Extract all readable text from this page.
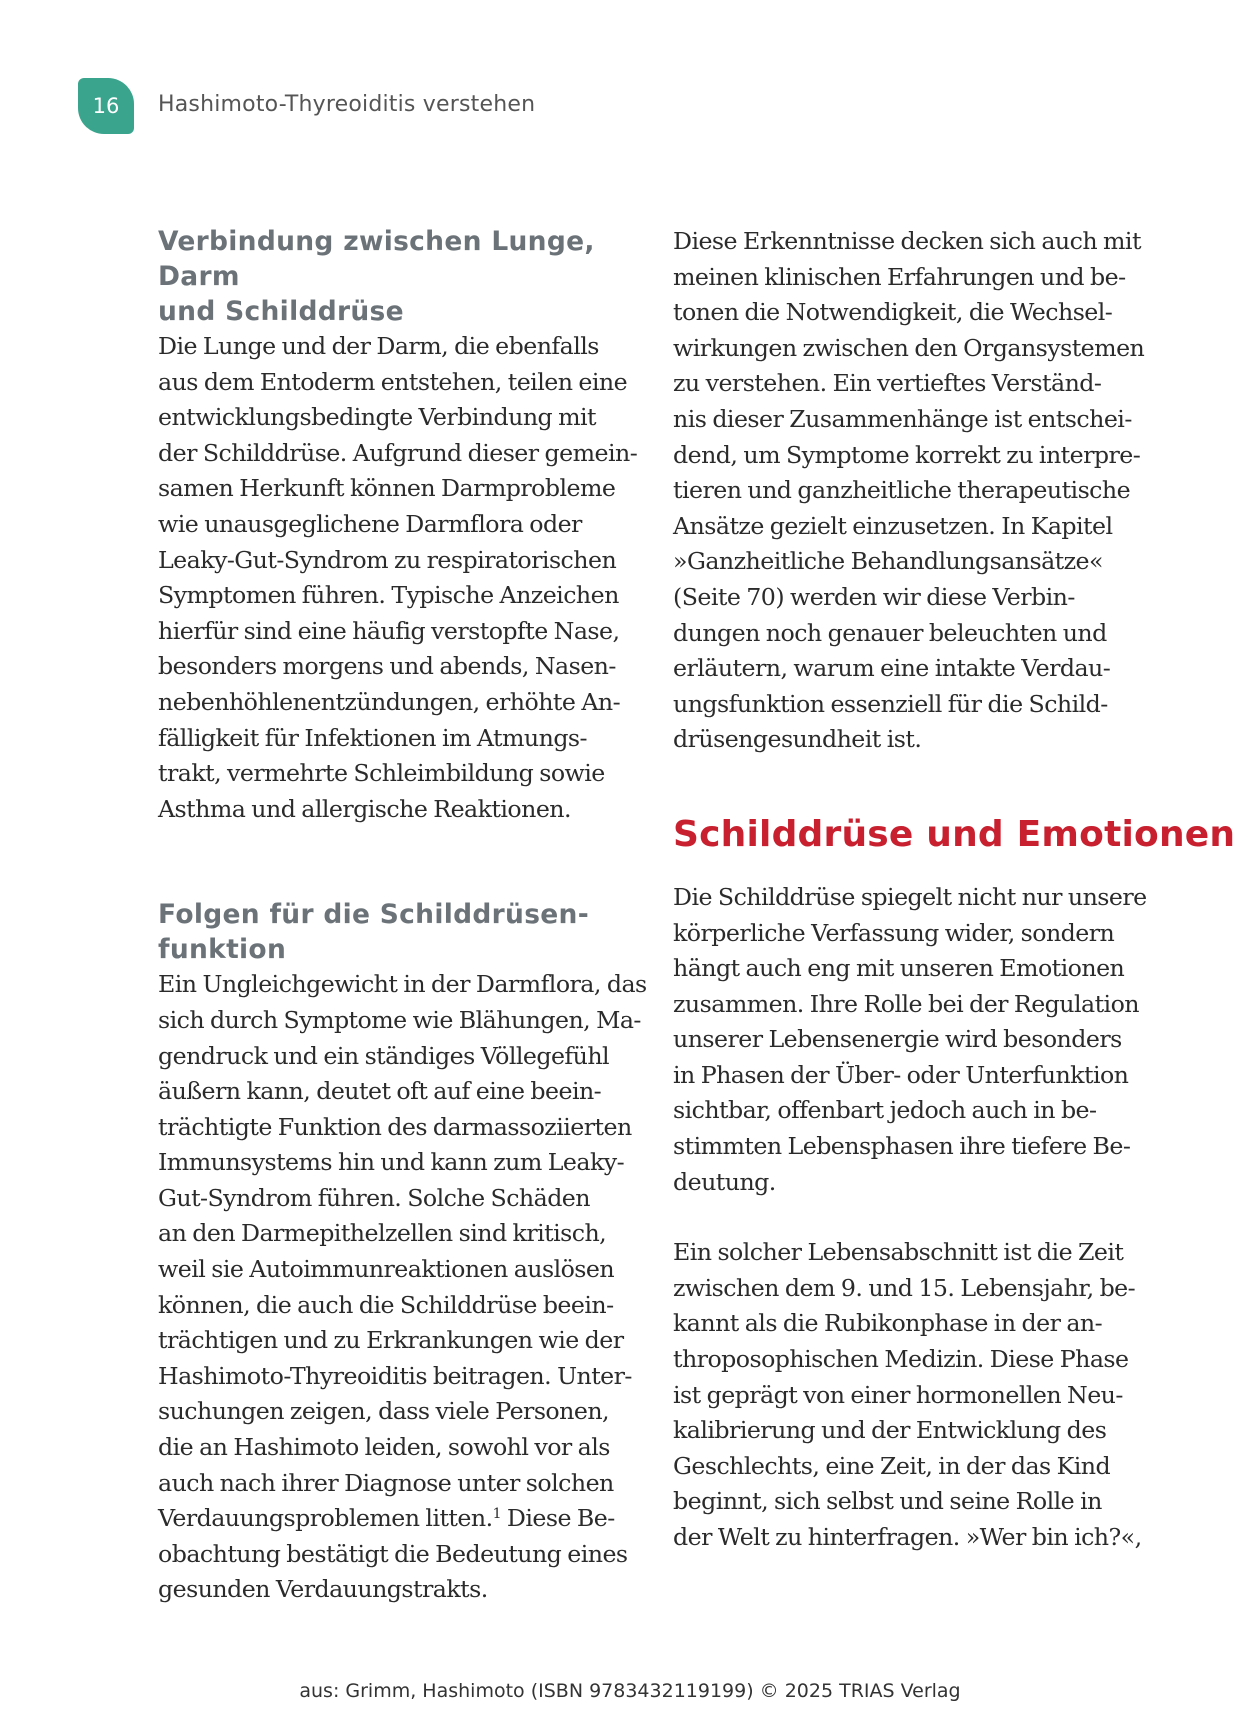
16 Hashimoto-Thyreoiditis verstehen
Verbindung zwischen Lunge, Darm
und Schilddrüse

Die Lunge und der Darm, die ebenfalls
aus dem Entoderm entstehen, teilen eine
entwicklungsbedingte Verbindung mit
der Schilddrüse. Aufgrund dieser gemein-
samen Herkunft können Darmprobleme
wie unausgeglichene Darmflora oder
Leaky-Gut-Syndrom zu respiratorischen
Symptomen führen. Typische Anzeichen
hierfür sind eine häufig verstopfte Nase,
besonders morgens und abends, Nasen-
nebenhöhlenentzündungen, erhöhte An-
fälligkeit für Infektionen im Atmungs-
trakt, vermehrte Schleimbildung sowie
Asthma und allergische Reaktionen.

Folgen für die Schilddrüsen-
funktion

Ein Ungleichgewicht in der Darmflora, das
sich durch Symptome wie Blähungen, Ma-
gendruck und ein ständiges Völlegefühl
äußern kann, deutet oft auf eine beein-
trächtigte Funktion des darmassoziierten
Immunsystems hin und kann zum Leaky-
Gut-Syndrom führen. Solche Schäden
an den Darmepithelzellen sind kritisch,
weil sie Autoimmunreaktionen auslösen
können, die auch die Schilddrüse beein-
trächtigen und zu Erkrankungen wie der
Hashimoto-Thyreoiditis beitragen. Unter-
suchungen zeigen, dass viele Personen,
die an Hashimoto leiden, sowohl vor als
auch nach ihrer Diagnose unter solchen
Verdauungsproblemen litten.$^1$ Diese Be-
obachtung bestätigt die Bedeutung eines
gesunden Verdauungstrakts.

Diese Erkenntnisse decken sich auch mit
meinen klinischen Erfahrungen und be-
tonen die Notwendigkeit, die Wechsel-
wirkungen zwischen den Organsystemen
zu verstehen. Ein vertieftes Verständ-
nis dieser Zusammenhänge ist entschei-
dend, um Symptome korrekt zu interpre-
tieren und ganzheitliche therapeutische
Ansätze gezielt einzusetzen. In Kapitel
»Ganzheitliche Behandlungsansätze«
(Seite 70) werden wir diese Verbin-
dungen noch genauer beleuchten und
erläutern, warum eine intakte Verdau-
ungsfunktion essenziell für die Schild-
drüsengesundheit ist.

Schilddrüse und Emotionen

Die Schilddrüse spiegelt nicht nur unsere
körperliche Verfassung wider, sondern
hängt auch eng mit unseren Emotionen
zusammen. Ihre Rolle bei der Regulation
unserer Lebensenergie wird besonders
in Phasen der Über- oder Unterfunktion
sichtbar, offenbart jedoch auch in be-
stimmten Lebensphasen ihre tiefere Be-
deutung.

Ein solcher Lebensabschnitt ist die Zeit
zwischen dem 9. und 15. Lebensjahr, be-
kannt als die Rubikonphase in der an-
throposophischen Medizin. Diese Phase
ist geprägt von einer hormonellen Neu-
kalibrierung und der Entwicklung des
Geschlechts, eine Zeit, in der das Kind
beginnt, sich selbst und seine Rolle in
der Welt zu hinterfragen. »Wer bin ich?«,

aus: Grimm, Hashimoto (ISBN 9783432119199) © 2025 TRIAS Verlag
